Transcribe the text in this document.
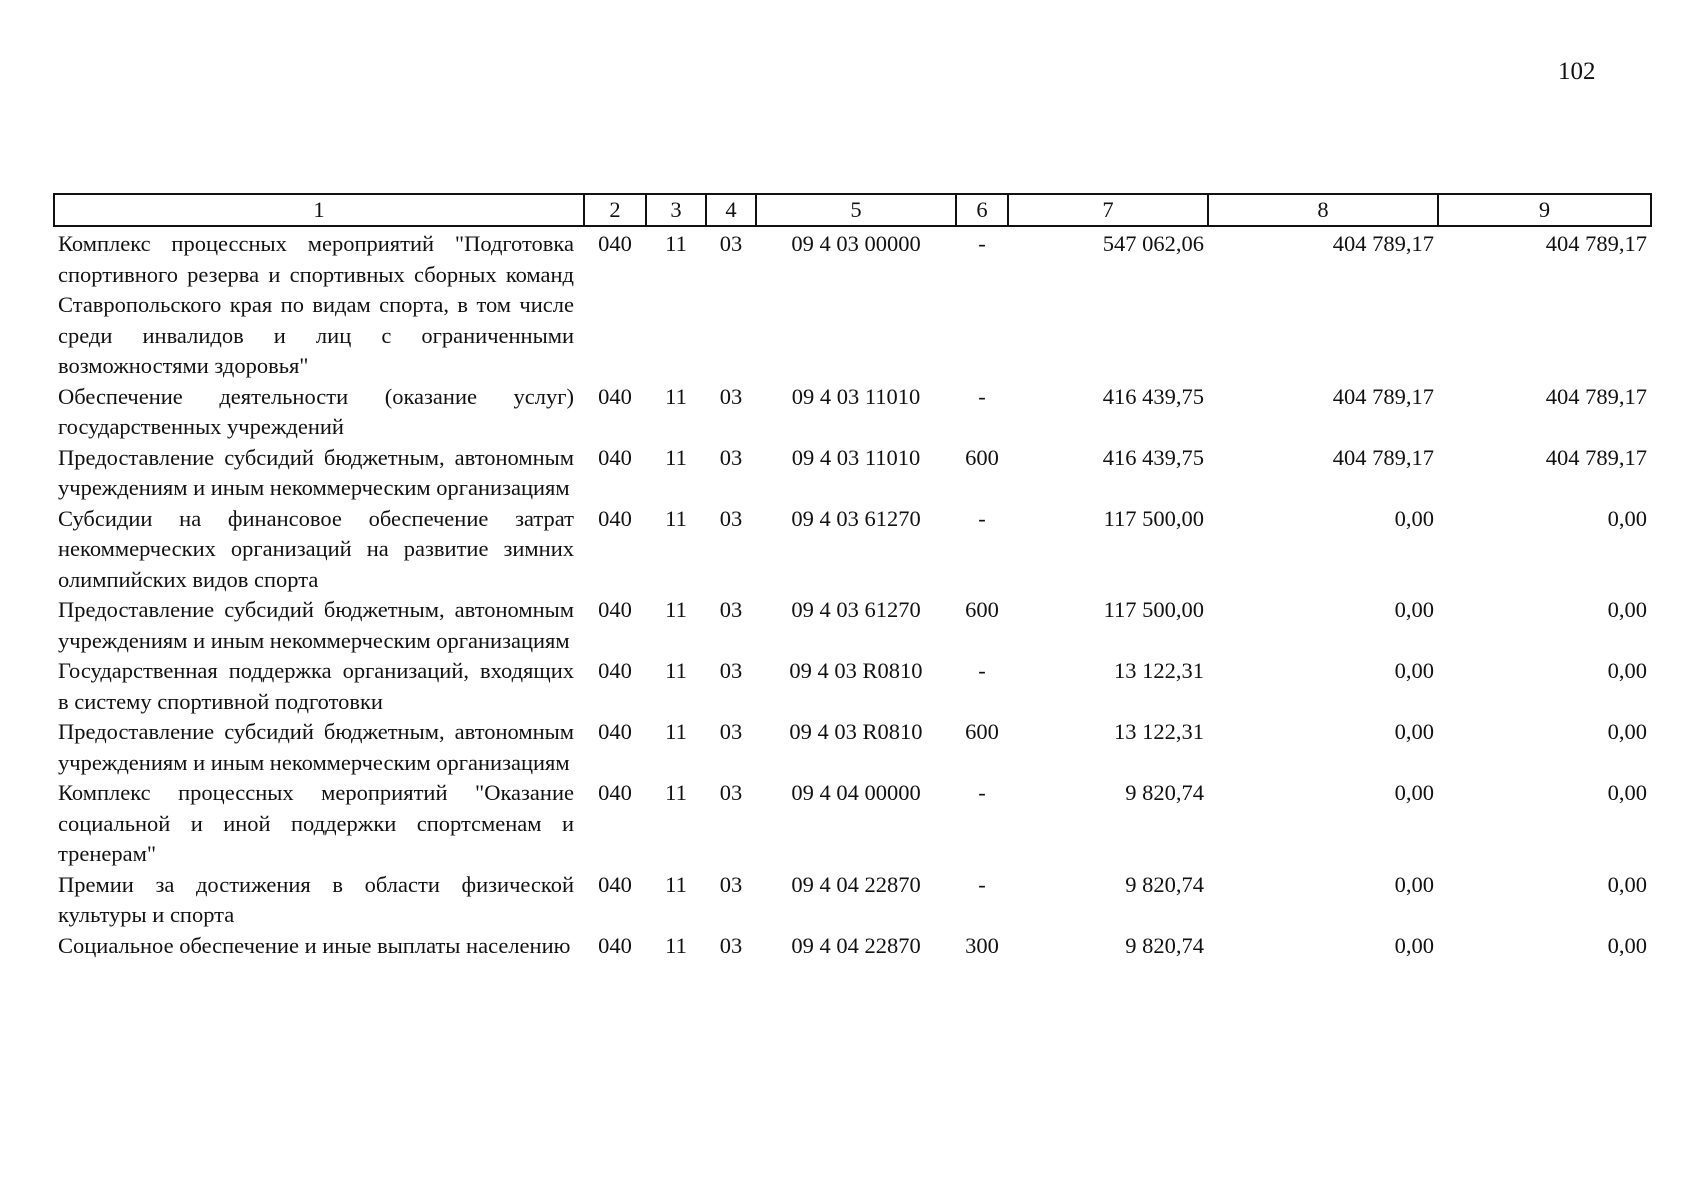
102
1	2	3	4	5	6	7	8	9
Комплекс процессных мероприятий "Подготовка спортивного резерва и спортивных сборных команд Ставропольского края по видам спорта, в том числе среди инвалидов и лиц с ограниченными возможностями здоровья"	040	11	03	09 4 03 00000	-	547 062,06	404 789,17	404 789,17
Обеспечение деятельности (оказание услуг) государственных учреждений	040	11	03	09 4 03 11010	-	416 439,75	404 789,17	404 789,17
Предоставление субсидий бюджетным, автономным учреждениям и иным некоммерческим организациям	040	11	03	09 4 03 11010	600	416 439,75	404 789,17	404 789,17
Субсидии на финансовое обеспечение затрат некоммерческих организаций на развитие зимних олимпийских видов спорта	040	11	03	09 4 03 61270	-	117 500,00	0,00	0,00
Предоставление субсидий бюджетным, автономным учреждениям и иным некоммерческим организациям	040	11	03	09 4 03 61270	600	117 500,00	0,00	0,00
Государственная поддержка организаций, входящих в систему спортивной подготовки	040	11	03	09 4 03 R0810	-	13 122,31	0,00	0,00
Предоставление субсидий бюджетным, автономным учреждениям и иным некоммерческим организациям	040	11	03	09 4 03 R0810	600	13 122,31	0,00	0,00
Комплекс процессных мероприятий "Оказание социальной и иной поддержки спортсменам и тренерам"	040	11	03	09 4 04 00000	-	9 820,74	0,00	0,00
Премии за достижения в области физической культуры и спорта	040	11	03	09 4 04 22870	-	9 820,74	0,00	0,00
Социальное обеспечение и иные выплаты населению	040	11	03	09 4 04 22870	300	9 820,74	0,00	0,00
